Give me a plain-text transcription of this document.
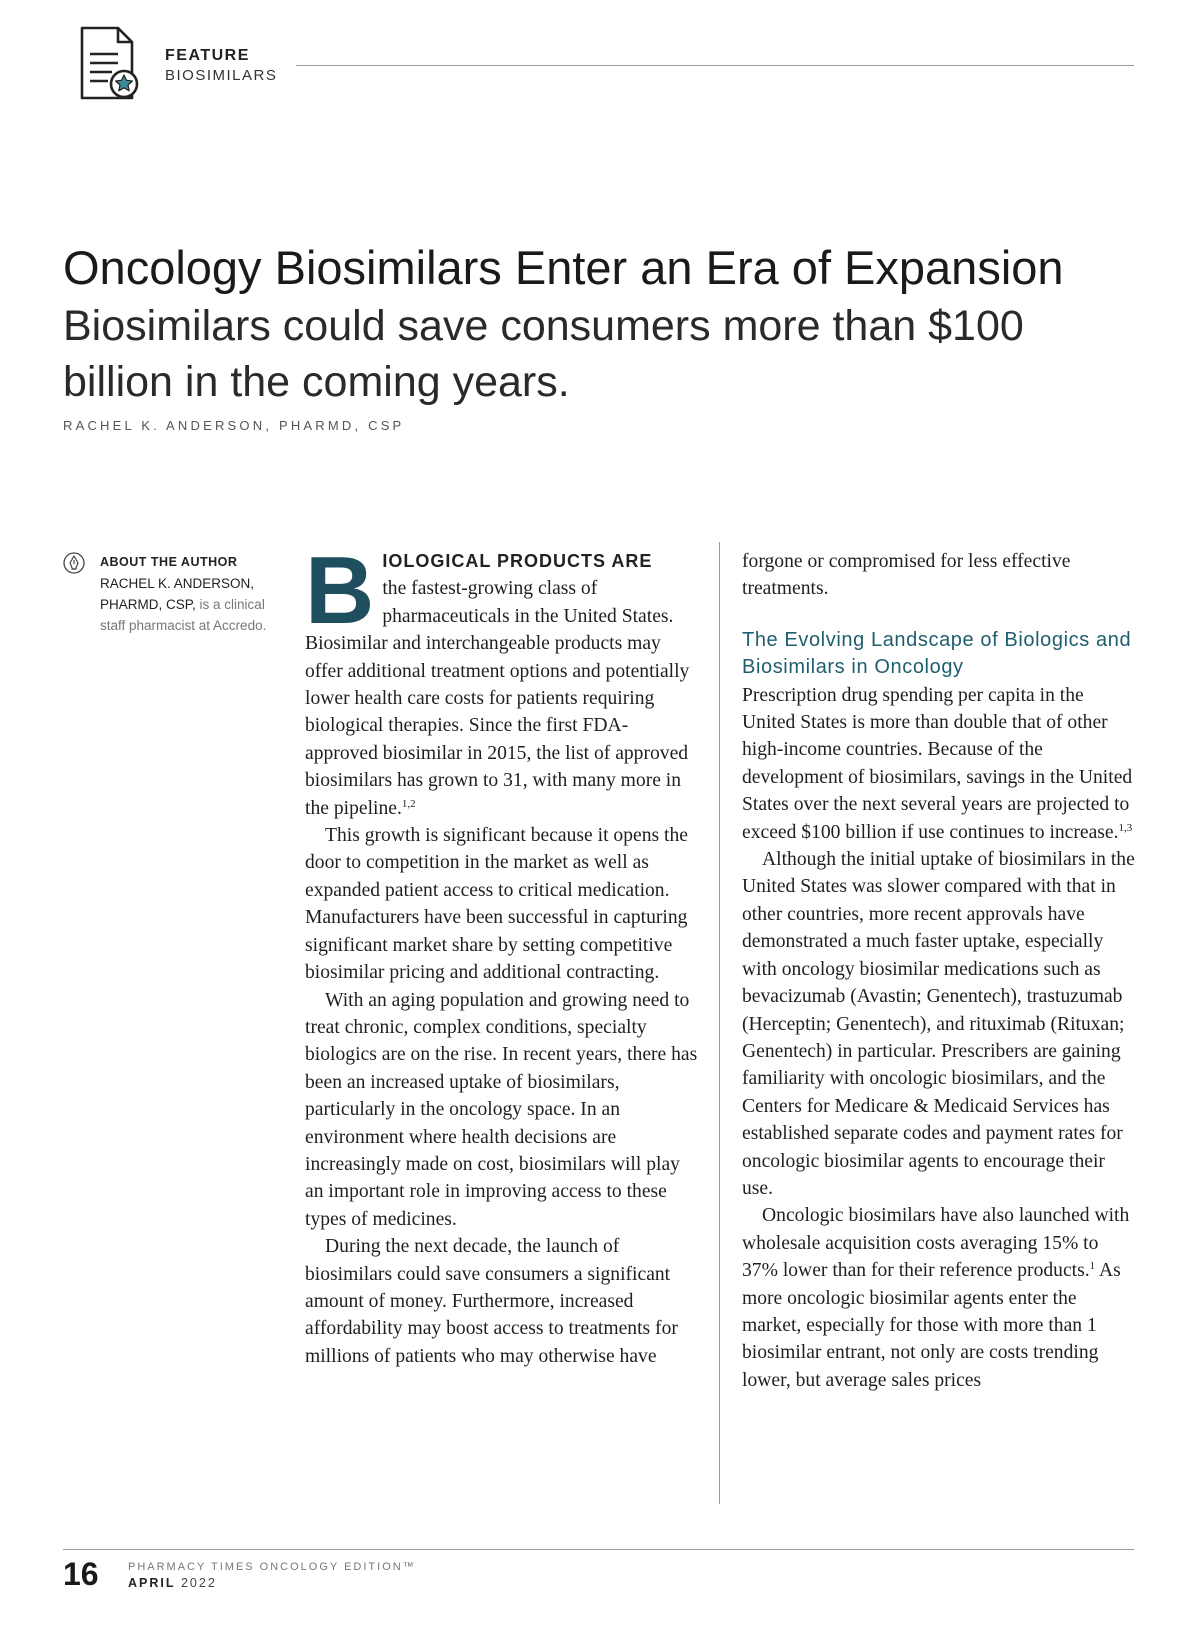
FEATURE
BIOSIMILARS
Oncology Biosimilars Enter an Era of Expansion
Biosimilars could save consumers more than $100 billion in the coming years.
RACHEL K. ANDERSON, PHARMD, CSP
ABOUT THE AUTHOR
RACHEL K. ANDERSON, PHARMD, CSP, is a clinical staff pharmacist at Accredo. BIOLOGICAL PRODUCTS ARE
the fastest-growing class of pharmaceuticals in the United States. Biosimilar and interchangeable products may offer additional treatment options and potentially lower health care costs for patients requiring biological therapies. Since the first FDA-approved biosimilar in 2015, the list of approved biosimilars has grown to 31, with many more in the pipeline.$^{1,2}$

This growth is significant because it opens the door to competition in the market as well as expanded patient access to critical medication. Manufacturers have been successful in capturing significant market share by setting competitive biosimilar pricing and additional contracting.

With an aging population and growing need to treat chronic, complex conditions, specialty biologics are on the rise. In recent years, there has been an increased uptake of biosimilars, particularly in the oncology space. In an environment where health decisions are increasingly made on cost, biosimilars will play an important role in improving access to these types of medicines.

During the next decade, the launch of biosimilars could save consumers a significant amount of money. Furthermore, increased affordability may boost access to treatments for millions of patients who may otherwise have

forgone or compromised for less effective treatments.

The Evolving Landscape of Biologics and Biosimilars in Oncology

Prescription drug spending per capita in the United States is more than double that of other high-income countries. Because of the development of biosimilars, savings in the United States over the next several years are projected to exceed $100 billion if use continues to increase.$^{1,3}$

Although the initial uptake of biosimilars in the United States was slower compared with that in other countries, more recent approvals have demonstrated a much faster uptake, especially with oncology biosimilar medications such as bevacizumab (Avastin; Genentech), trastuzumab (Herceptin; Genentech), and rituximab (Rituxan; Genentech) in particular. Prescribers are gaining familiarity with oncologic biosimilars, and the Centers for Medicare & Medicaid Services has established separate codes and payment rates for oncologic biosimilar agents to encourage their use.

Oncologic biosimilars have also launched with wholesale acquisition costs averaging 15% to 37% lower than for their reference products.$^1$ As more oncologic biosimilar agents enter the market, especially for those with more than 1 biosimilar entrant, not only are costs trending lower, but average sales prices

16	PHARMACY TIMES ONCOLOGY EDITION™
APRIL 2022
